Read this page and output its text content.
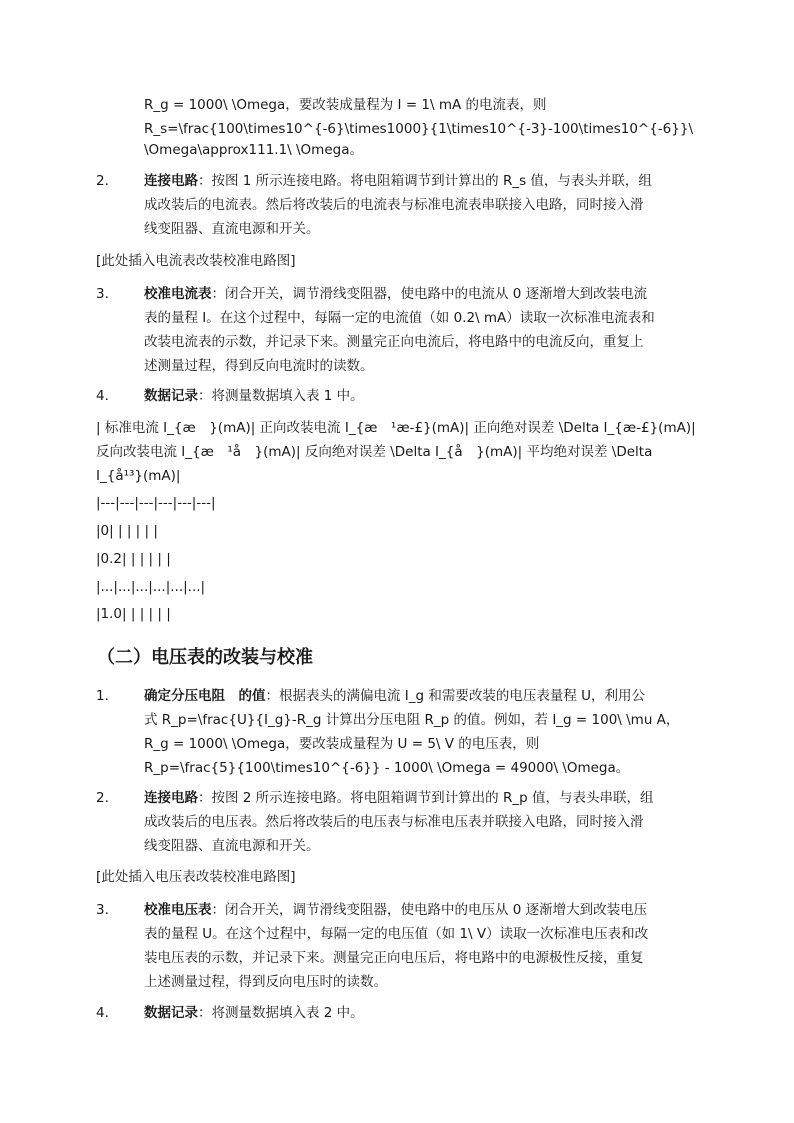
R_g = 1000\ \Omega，要改装成量程为 I = 1\ mA 的电流表，则
R_s=\frac{100\times10^{-6}\times1000}{1\times10^{-3}-100\times10^{-6}}\
\Omega\approx111.1\ \Omega。
2.	连接电路：按图 1 所示连接电路。将电阻箱调节到计算出的 R_s 值，与表头并联，组
成改装后的电流表。然后将改装后的电流表与标准电流表串联接入电路，同时接入滑
线变阻器、直流电源和开关。
[此处插入电流表改装校准电路图]
3.	校准电流表：闭合开关，调节滑线变阻器，使电路中的电流从 0 逐渐增大到改装电流
表的量程 I。在这个过程中，每隔一定的电流值（如 0.2\ mA）读取一次标准电流表和
改装电流表的示数，并记录下来。测量完正向电流后，将电路中的电流反向，重复上
述测量过程，得到反向电流时的读数。
4.	数据记录：将测量数据填入表 1 中。
| 标准电流 I_{æ　}(mA)| 正向改装电流 I_{æ　¹æ-£}(mA)| 正向绝对误差 \Delta I_{æ-£}(mA)|
反向改装电流 I_{æ　¹å　}(mA)| 反向绝对误差 \Delta I_{å　}(mA)| 平均绝对误差 \Delta
I_{å¹³}(mA)|
|---|---|---|---|---|---|
|0| | | | | |
|0.2| | | | | |
|...|...|...|...|...|...|
|1.0| | | | | |
（二）电压表的改装与校准
1.	确定分压电阻　的值：根据表头的满偏电流 I_g 和需要改装的电压表量程 U，利用公
式 R_p=\frac{U}{I_g}-R_g 计算出分压电阻 R_p 的值。例如，若 I_g = 100\ \mu A，
R_g = 1000\ \Omega，要改装成量程为 U = 5\ V 的电压表，则
R_p=\frac{5}{100\times10^{-6}} - 1000\ \Omega = 49000\ \Omega。
2.	连接电路：按图 2 所示连接电路。将电阻箱调节到计算出的 R_p 值，与表头串联，组
成改装后的电压表。然后将改装后的电压表与标准电压表并联接入电路，同时接入滑
线变阻器、直流电源和开关。
[此处插入电压表改装校准电路图]
3.	校准电压表：闭合开关，调节滑线变阻器，使电路中的电压从 0 逐渐增大到改装电压
表的量程 U。在这个过程中，每隔一定的电压值（如 1\ V）读取一次标准电压表和改
装电压表的示数，并记录下来。测量完正向电压后，将电路中的电源极性反接，重复
上述测量过程，得到反向电压时的读数。
4.	数据记录：将测量数据填入表 2 中。
